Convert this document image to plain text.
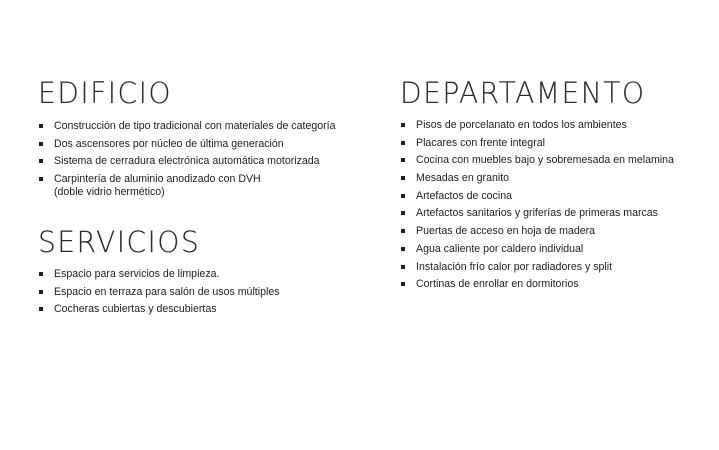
EDIFICIO
Construcción de tipo tradicional con materiales de categoría
Dos ascensores por núcleo de última generación
Sistema de cerradura electrónica automática motorizada
Carpintería de aluminio anodizado con DVH
(doble vidrio hermético)
SERVICIOS
Espacio para servicios de limpieza.
Espacio en terraza para salón de usos múltiples
Cocheras cubiertas y descubiertas
DEPARTAMENTO
Pisos de porcelanato en todos los ambientes
Placares con frente integral
Cocina con muebles bajo y sobremesada en melamina
Mesadas en granito
Artefactos de cocina
Artefactos sanitarios y griferías de primeras marcas
Puertas de acceso en hoja de madera
Agua caliente por caldero individual
Instalación frío calor por radiadores y split
Cortinas de enrollar en dormitorios
